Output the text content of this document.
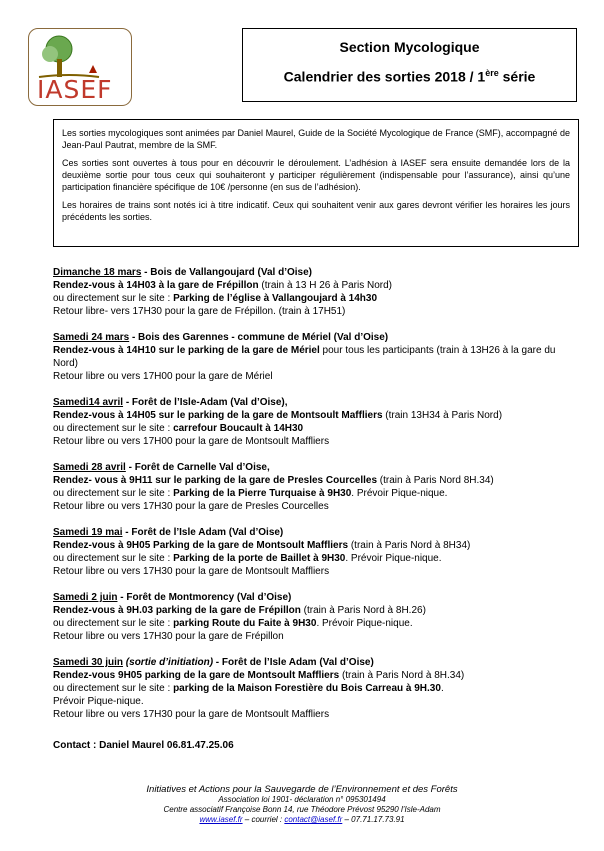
IASEF
Section Mycologique
Calendrier des sorties 2018 / 1ère série

Les sorties mycologiques sont animées par Daniel Maurel, Guide de la Société Mycologique de France (SMF), accompagné de Jean-Paul Pautrat, membre de la SMF.

Ces sorties sont ouvertes à tous pour en découvrir le déroulement. L’adhésion à IASEF sera ensuite demandée lors de la deuxième sortie pour tous ceux qui souhaiteront y participer régulièrement (indispensable pour l’assurance), ainsi qu’une participation financière spécifique de 10€ /personne (en sus de l’adhésion).

Les horaires de trains sont notés ici à titre indicatif. Ceux qui souhaitent venir aux gares devront vérifier les horaires les jours précédents les sorties.

Dimanche 18 mars - Bois de Vallangoujard (Val d’Oise)
Rendez-vous à 14H03 à la gare de Frépillon (train à 13 H 26 à Paris Nord)
ou directement sur le site : Parking de l’église à Vallangoujard à 14h30
Retour libre- vers 17H30 pour la gare de Frépillon. (train à 17H51)
Samedi 24 mars - Bois des Garennes - commune de Mériel (Val d’Oise)
Rendez-vous à 14H10 sur le parking de la gare de Mériel pour tous les participants (train à 13H26 à la gare du Nord)
Retour libre ou vers 17H00 pour la gare de Mériel
Samedi14 avril - Forêt de l’Isle-Adam (Val d’Oise),
Rendez-vous à 14H05 sur le parking de la gare de Montsoult Maffliers (train 13H34 à Paris Nord)
ou directement sur le site : carrefour Boucault à 14H30
Retour libre ou vers 17H00 pour la gare de Montsoult Maffliers
Samedi 28 avril - Forêt de Carnelle Val d’Oise,
Rendez- vous à 9H11 sur le parking de la gare de Presles Courcelles (train à Paris Nord 8H.34)
ou directement sur le site : Parking de la Pierre Turquaise à 9H30. Prévoir Pique-nique.
Retour libre ou vers 17H30 pour la gare de Presles Courcelles
Samedi 19 mai - Forêt de l’Isle Adam (Val d’Oise)
Rendez-vous à 9H05 Parking de la gare de Montsoult Maffliers (train à Paris Nord à 8H34)
ou directement sur le site : Parking de la porte de Baillet à 9H30. Prévoir Pique-nique.
Retour libre ou vers 17H30 pour la gare de Montsoult Maffliers
Samedi 2 juin - Forêt de Montmorency (Val d’Oise)
Rendez-vous à 9H.03 parking de la gare de Frépillon (train à Paris Nord à 8H.26)
ou directement sur le site : parking Route du Faite à 9H30. Prévoir Pique-nique.
Retour libre ou vers 17H30 pour la gare de Frépillon
Samedi 30 juin (sortie d’initiation) - Forêt de l’Isle Adam (Val d’Oise)
Rendez-vous 9H05 parking de la gare de Montsoult Maffliers (train à Paris Nord à 8H.34)
ou directement sur le site : parking de la Maison Forestière du Bois Carreau à 9H.30.
Prévoir Pique-nique.
Retour libre ou vers 17H30 pour la gare de Montsoult Maffliers
Contact : Daniel Maurel 06.81.47.25.06
Initiatives et Actions pour la Sauvegarde de l’Environnement et des Forêts
Association loi 1901- déclaration n° 095301494
Centre associatif Françoise Bonn 14, rue Théodore Prévost 95290 l’Isle-Adam
www.iasef.fr – courriel : contact@iasef.fr – 07.71.17.73.91
